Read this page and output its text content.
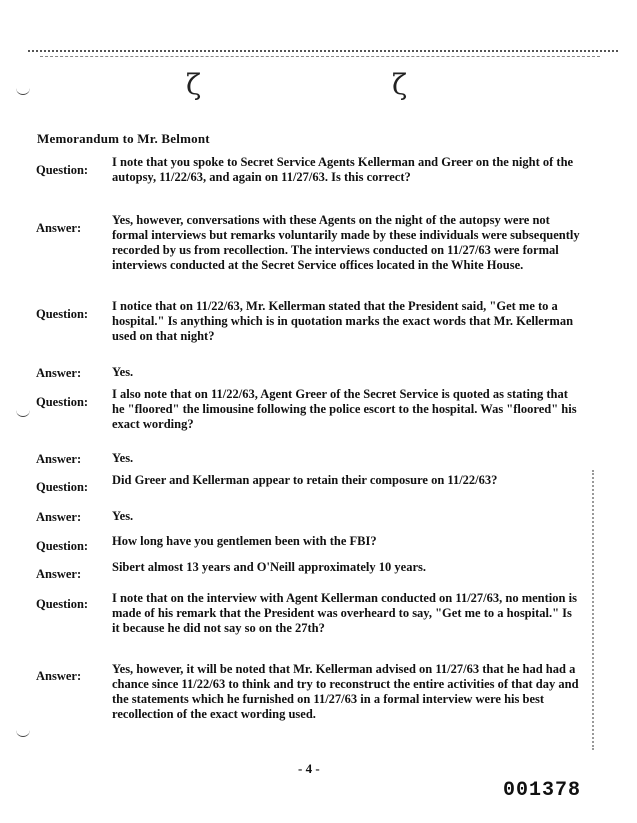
ζ	ζ
Memorandum to Mr. Belmont
Question:
I note that you spoke to Secret Service Agents Kellerman and Greer on the night of the autopsy, 11/22/63, and again on 11/27/63. Is this correct?
Answer:
Yes, however, conversations with these Agents on the night of the autopsy were not formal interviews but remarks voluntarily made by these individuals were subsequently recorded by us from recollection. The interviews conducted on 11/27/63 were formal interviews conducted at the Secret Service offices located in the White House.
Question:
I notice that on 11/22/63, Mr. Kellerman stated that the President said, "Get me to a hospital." Is anything which is in quotation marks the exact words that Mr. Kellerman used on that night?
Answer:	Yes.
Question:
I also note that on 11/22/63, Agent Greer of the Secret Service is quoted as stating that he "floored" the limousine following the police escort to the hospital. Was "floored" his exact wording?
Answer:	Yes.
Question:	Did Greer and Kellerman appear to retain their composure on 11/22/63?
Answer:	Yes.
Question:	How long have you gentlemen been with the FBI?
Answer:	Sibert almost 13 years and O'Neill approximately 10 years.
Question:	I note that on the interview with Agent Kellerman conducted on 11/27/63, no mention is made of his remark that the President was overheard to say, "Get me to a hospital." Is it because he did not say so on the 27th?
Answer:	Yes, however, it will be noted that Mr. Kellerman advised on 11/27/63 that he had had a chance since 11/22/63 to think and try to reconstruct the entire activities of that day and the statements which he furnished on 11/27/63 in a formal interview were his best recollection of the exact wording used.
- 4 -
001378
